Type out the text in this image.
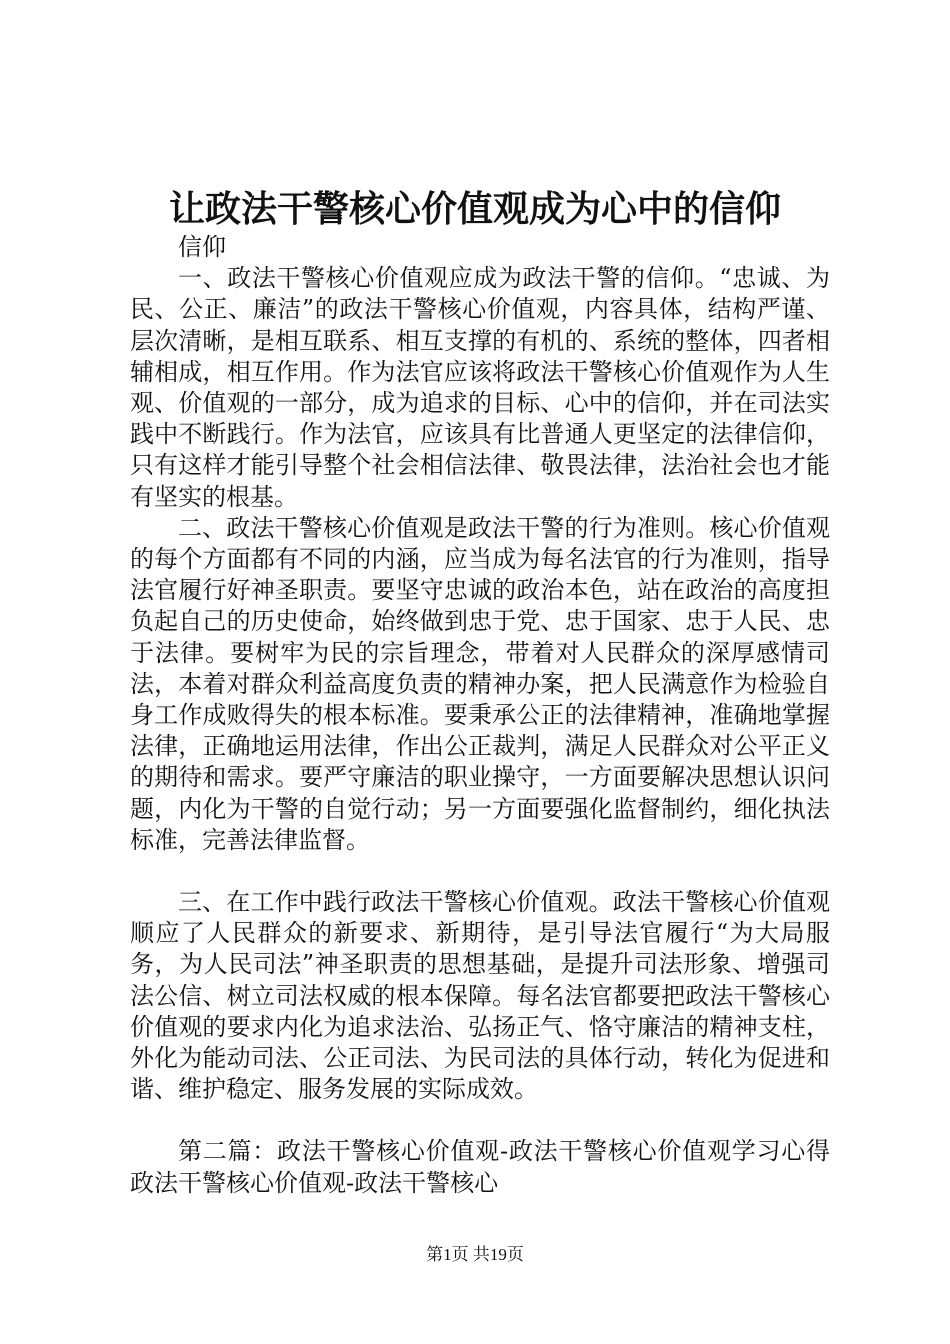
让政法干警核心价值观成为心中的信仰

信仰

一、政法干警核心价值观应成为政法干警的信仰。“忠诚、为民、公正、廉洁”的政法干警核心价值观，内容具体，结构严谨、层次清晰，是相互联系、相互支撑的有机的、系统的整体，四者相辅相成，相互作用。作为法官应该将政法干警核心价值观作为人生观、价值观的一部分，成为追求的目标、心中的信仰，并在司法实践中不断践行。作为法官，应该具有比普通人更坚定的法律信仰，只有这样才能引导整个社会相信法律、敬畏法律，法治社会也才能有坚实的根基。

二、政法干警核心价值观是政法干警的行为准则。核心价值观的每个方面都有不同的内涵，应当成为每名法官的行为准则，指导法官履行好神圣职责。要坚守忠诚的政治本色，站在政治的高度担负起自己的历史使命，始终做到忠于党、忠于国家、忠于人民、忠于法律。要树牢为民的宗旨理念，带着对人民群众的深厚感情司法，本着对群众利益高度负责的精神办案，把人民满意作为检验自身工作成败得失的根本标准。要秉承公正的法律精神，准确地掌握法律，正确地运用法律，作出公正裁判，满足人民群众对公平正义的期待和需求。要严守廉洁的职业操守，一方面要解决思想认识问题，内化为干警的自觉行动；另一方面要强化监督制约，细化执法标准，完善法律监督。

三、在工作中践行政法干警核心价值观。政法干警核心价值观顺应了人民群众的新要求、新期待，是引导法官履行“为大局服务，为人民司法”神圣职责的思想基础，是提升司法形象、增强司法公信、树立司法权威的根本保障。每名法官都要把政法干警核心价值观的要求内化为追求法治、弘扬正气、恪守廉洁的精神支柱，外化为能动司法、公正司法、为民司法的具体行动，转化为促进和谐、维护稳定、服务发展的实际成效。

第二篇：政法干警核心价值观-政法干警核心价值观学习心得政法干警核心价值观-政法干警核心

第1页 共19页
